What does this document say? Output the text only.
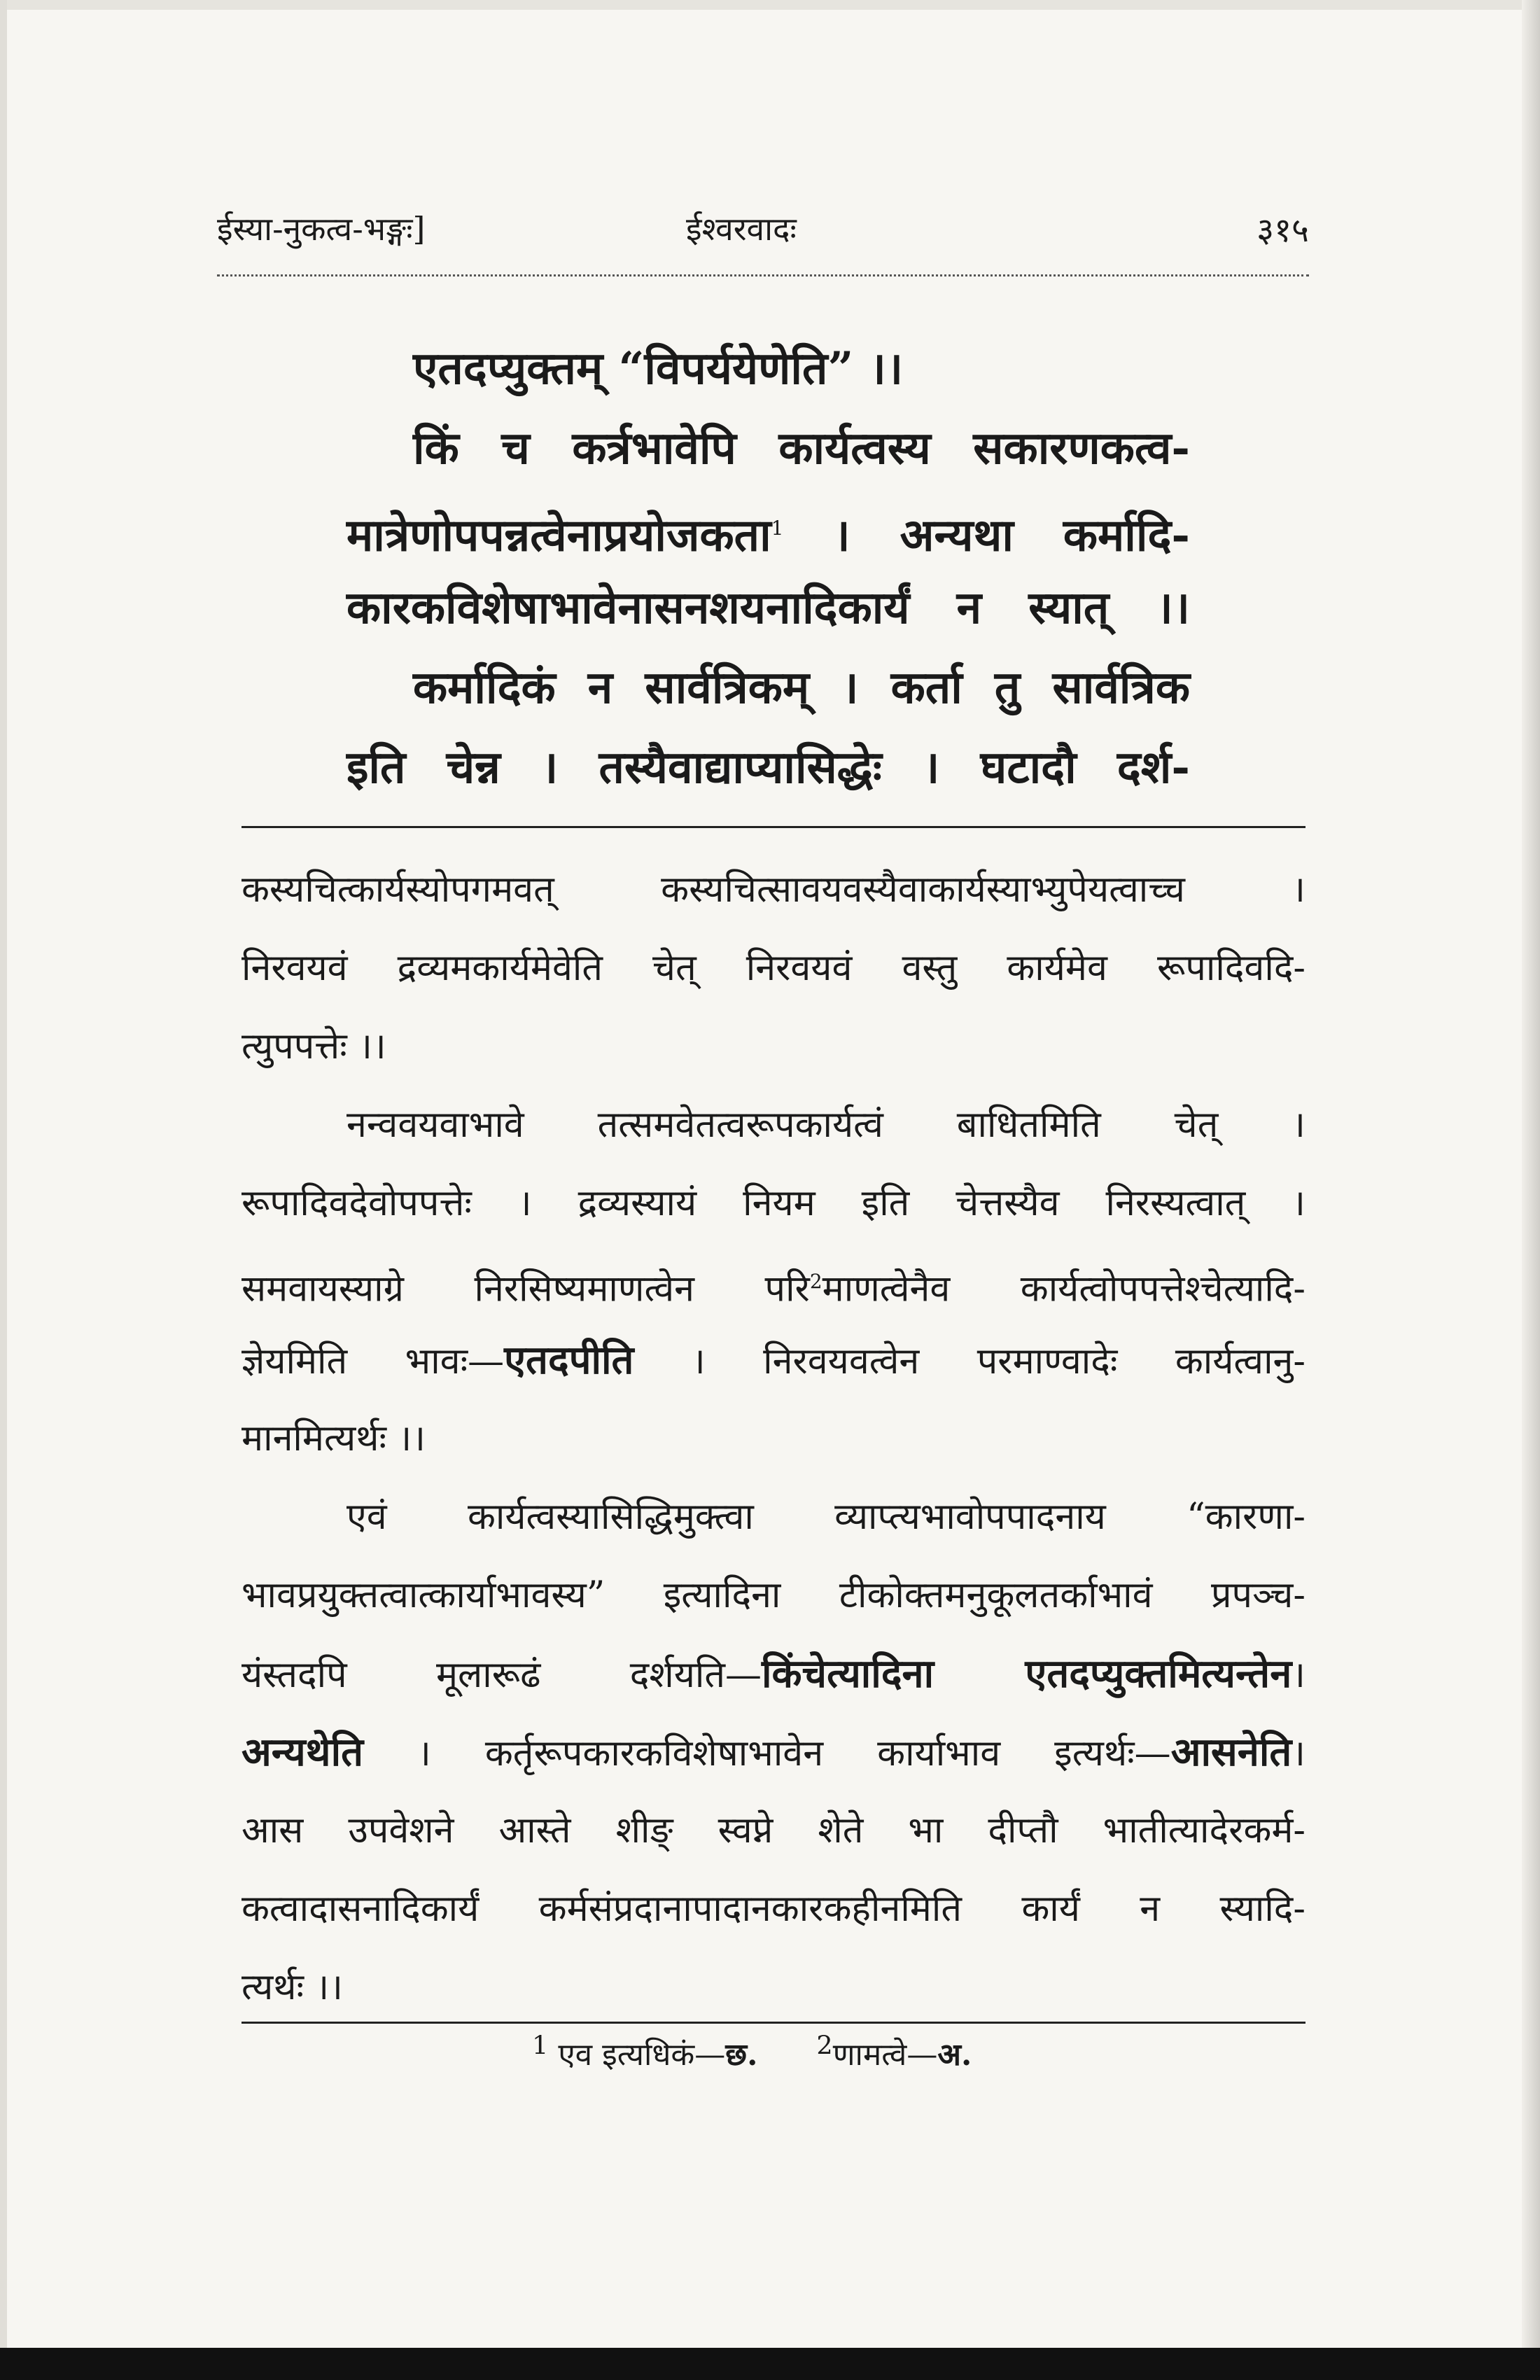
ईस्या-नुकत्व-भङ्गः]	ईश्वरवादः	३१५

एतदप्युक्तम् “विपर्ययेणेति” ।।

किं च कर्त्रभावेपि कार्यत्वस्य सकारणकत्व-

मात्रेणोपपन्नत्वेनाप्रयोजकता$^1$ । अन्यथा कर्मादि-

कारकविशेषाभावेनासनशयनादिकार्यं न स्यात् ।।

कर्मादिकं न सार्वत्रिकम् । कर्ता तु सार्वत्रिक

इति चेन्न । तस्यैवाद्याप्यासिद्धेः । घटादौ दर्श-

कस्यचित्कार्यस्योपगमवत् कस्यचित्सावयवस्यैवाकार्यस्याभ्युपेयत्वाच्च ।

निरवयवं द्रव्यमकार्यमेवेति चेत् निरवयवं वस्तु कार्यमेव रूपादिवदि-

त्युपपत्तेः ।।

नन्ववयवाभावे तत्समवेतत्वरूपकार्यत्वं बाधितमिति चेत् ।

रूपादिवदेवोपपत्तेः । द्रव्यस्यायं नियम इति चेत्तस्यैव निरस्यत्वात् ।

समवायस्याग्रे निरसिष्यमाणत्वेन परि$^2$माणत्वेनैव कार्यत्वोपपत्तेश्चेत्यादि-

ज्ञेयमिति भावः—एतदपीति । निरवयवत्वेन परमाण्वादेः कार्यत्वानु-

मानमित्यर्थः ।।

एवं कार्यत्वस्यासिद्धिमुक्त्वा व्याप्त्यभावोपपादनाय “कारणा-

भावप्रयुक्तत्वात्कार्याभावस्य” इत्यादिना टीकोक्तमनुकूलतर्काभावं प्रपञ्च-

यंस्तदपि मूलारूढं दर्शयति—किंचेत्यादिना एतदप्युक्तमित्यन्तेन।

अन्यथेति । कर्तृरूपकारकविशेषाभावेन कार्याभाव इत्यर्थः—आसनेति।

आस उपवेशने आस्ते शीङ् स्वप्ने शेते भा दीप्तौ भातीत्यादेरकर्म-

कत्वादासनादिकार्यं कर्मसंप्रदानापादानकारकहीनमिति कार्यं न स्यादि-

त्यर्थः ।।

$^1$ एव इत्यधिकं—छ. $^2$णामत्वे—अ.
